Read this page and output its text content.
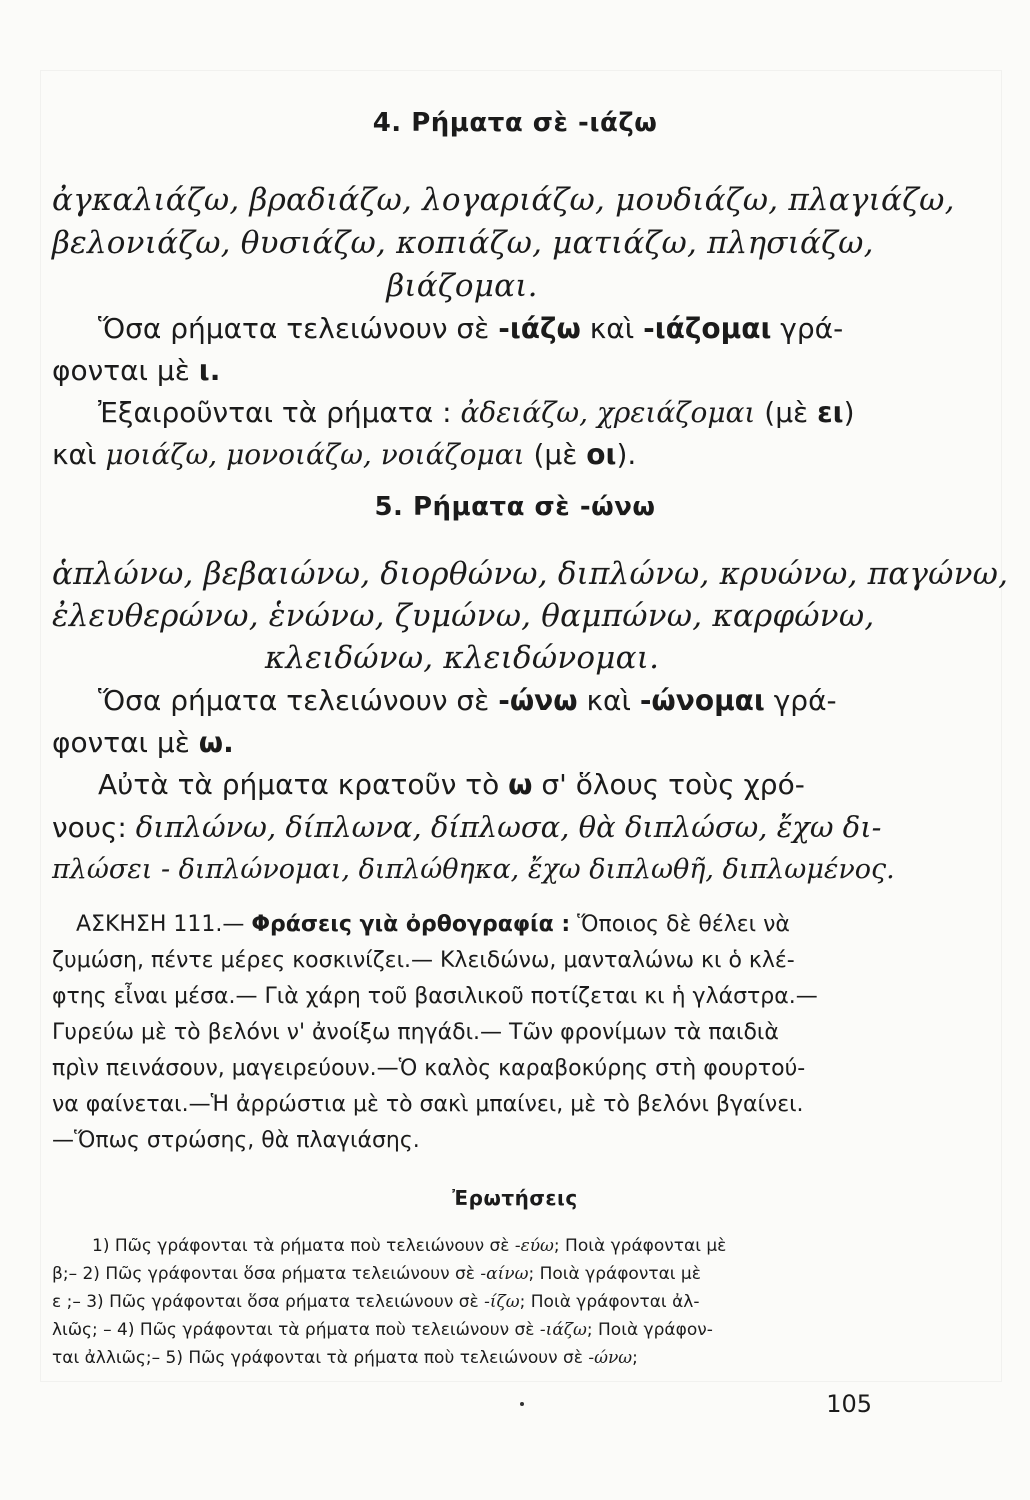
4. Ρήματα σὲ -ιάζω
ἀγκαλιάζω, βραδιάζω, λογαριάζω, μουδιάζω, πλαγιάζω,
βελονιάζω, θυσιάζω, κοπιάζω, ματιάζω, πλησιάζω,
βιάζομαι.
Ὅσα ρήματα τελειώνουν σὲ -ιάζω καὶ -ιάζομαι γρά-
φονται μὲ ι.
Ἐξαιροῦνται τὰ ρήματα : ἀδειάζω, χρειάζομαι (μὲ ει)
καὶ μοιάζω, μονοιάζω, νοιάζομαι (μὲ οι).
5. Ρήματα σὲ -ώνω
ἁπλώνω, βεβαιώνω, διορθώνω, διπλώνω, κρυώνω, παγώνω,
ἐλευθερώνω, ἑνώνω, ζυμώνω, θαμπώνω, καρφώνω,
κλειδώνω, κλειδώνομαι.
Ὅσα ρήματα τελειώνουν σὲ -ώνω καὶ -ώνομαι γρά-
φονται μὲ ω.
Αὐτὰ τὰ ρήματα κρατοῦν τὸ ω σ' ὅλους τοὺς χρό-
νους: διπλώνω, δίπλωνα, δίπλωσα, θὰ διπλώσω, ἔχω δι-
πλώσει - διπλώνομαι, διπλώθηκα, ἔχω διπλωθῆ, διπλωμένος.
ΑΣΚΗΣΗ 111.— Φράσεις γιὰ ὀρθογραφία : Ὅποιος δὲ θέλει νὰ
ζυμώση, πέντε μέρες κοσκινίζει.— Κλειδώνω, μανταλώνω κι ὁ κλέ-
φτης εἶναι μέσα.— Γιὰ χάρη τοῦ βασιλικοῦ ποτίζεται κι ἡ γλάστρα.—
Γυρεύω μὲ τὸ βελόνι ν' ἀνοίξω πηγάδι.— Τῶν φρονίμων τὰ παιδιὰ
πρὶν πεινάσουν, μαγειρεύουν.—Ὁ καλὸς καραβοκύρης στὴ φουρτού-
να φαίνεται.—Ἡ ἀρρώστια μὲ τὸ σακὶ μπαίνει, μὲ τὸ βελόνι βγαίνει.
—Ὅπως στρώσης, θὰ πλαγιάσης.
Ἐρωτήσεις
1) Πῶς γράφονται τὰ ρήματα ποὺ τελειώνουν σὲ -εύω; Ποιὰ γράφονται μὲ
β;– 2) Πῶς γράφονται ὅσα ρήματα τελειώνουν σὲ -αίνω; Ποιὰ γράφονται μὲ
ε ;– 3) Πῶς γράφονται ὅσα ρήματα τελειώνουν σὲ -ίζω; Ποιὰ γράφονται ἀλ-
λιῶς; – 4) Πῶς γράφονται τὰ ρήματα ποὺ τελειώνουν σὲ -ιάζω; Ποιὰ γράφον-
ται ἀλλιῶς;– 5) Πῶς γράφονται τὰ ρήματα ποὺ τελειώνουν σὲ -ώνω;
105
